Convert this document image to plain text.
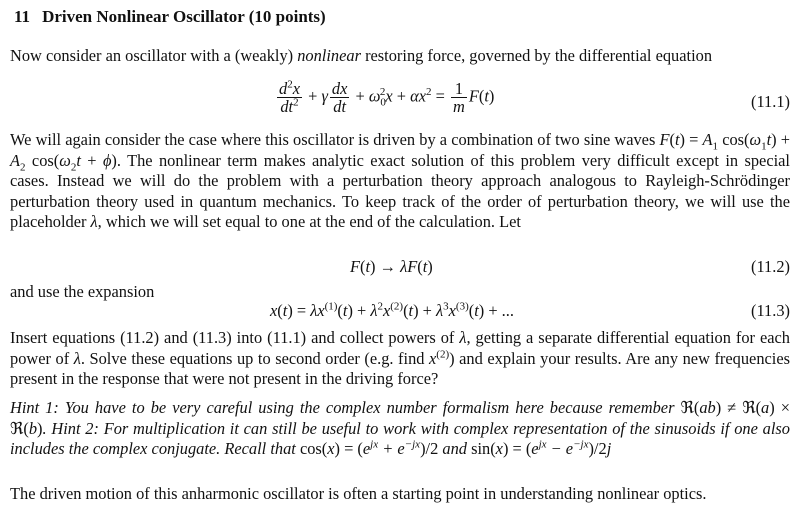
11 Driven Nonlinear Oscillator (10 points)
Now consider an oscillator with a (weakly) nonlinear restoring force, governed by the differential equation
$\frac{d^2x}{dt^2} + \gamma \frac{dx}{dt} + \omega_0^2x + \alpha x^2 = \frac{1}{m} F(t)$	(11.1)
We will again consider the case where this oscillator is driven by a combination of two sine waves $F(t) = A_1$ $\cos(\omega_1t) + A_2$ $\cos(\omega_2t + \phi)$. The nonlinear term makes analytic exact solution of this problem very difficult except in special cases. Instead we will do the problem with a perturbation theory approach analogous to Rayleigh-Schrödinger perturbation theory used in quantum mechanics. To keep track of the order of perturbation theory, we will use the placeholder λ, which we will set equal to one at the end of the calculation. Let
F(t) → λF(t)	(11.2)
and use the expansion
$x(t) = \lambda x^{(1)}(t) + \lambda^2x^{(2)}(t) + \lambda^3x^{(3)}(t)$ + ...	(11.3)
Insert equations (11.2) and (11.3) into (11.1) and collect powers of λ, getting a separate differential equation for each power of λ. Solve these equations up to second order (e.g. find $x^{(2)}$) and explain your results. Are any new frequencies present in the response that were not present in the driving force?
Hint 1: You have to be very careful using the complex number formalism here because remember ℜ(ab) ≠ ℜ(a) × ℜ(b). Hint 2: For multiplication it can still be useful to work with complex representation of the sinusoids if one also includes the complex conjugate. Recall that $\cos(x) = (e^{jx} + e^{-jx})/2$ and $\sin(x) = (e^{jx} - e^{-jx})/2j$
The driven motion of this anharmonic oscillator is often a starting point in understanding nonlinear optics.
